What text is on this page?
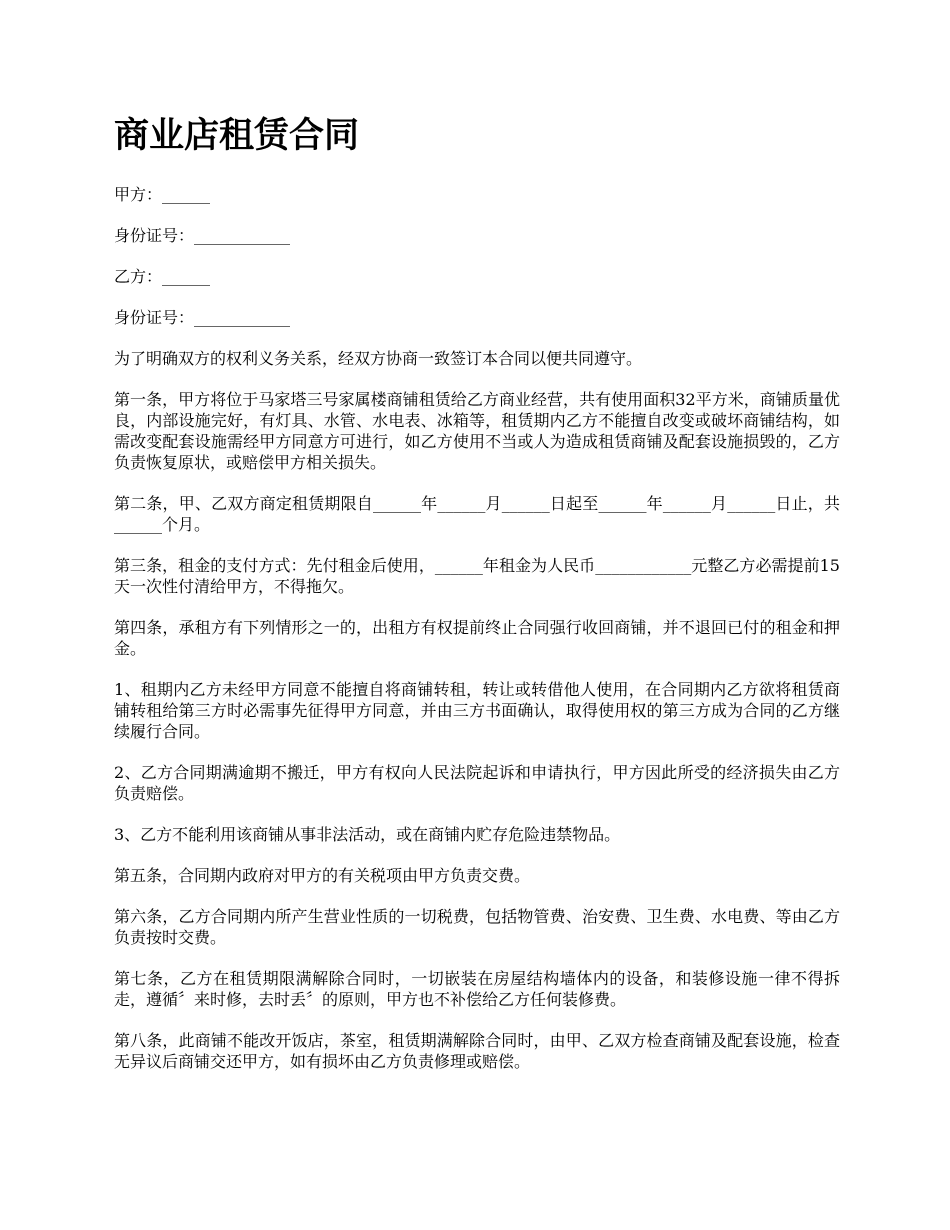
商业店租赁合同

甲方：______

身份证号：____________

乙方：______

身份证号：____________

为了明确双方的权利义务关系，经双方协商一致签订本合同以便共同遵守。

第一条，甲方将位于马家塔三号家属楼商铺租赁给乙方商业经营，共有使用面积32平方米，商铺质量优良，内部设施完好，有灯具、水管、水电表、冰箱等，租赁期内乙方不能擅自改变或破坏商铺结构，如需改变配套设施需经甲方同意方可进行，如乙方使用不当或人为造成租赁商铺及配套设施损毁的，乙方负责恢复原状，或赔偿甲方相关损失。

第二条，甲、乙双方商定租赁期限自______年______月______日起至______年______月______日止，共______个月。

第三条，租金的支付方式：先付租金后使用，______年租金为人民币____________元整乙方必需提前15天一次性付清给甲方，不得拖欠。

第四条，承租方有下列情形之一的，出租方有权提前终止合同强行收回商铺，并不退回已付的租金和押金。

1、租期内乙方未经甲方同意不能擅自将商铺转租，转让或转借他人使用，在合同期内乙方欲将租赁商铺转租给第三方时必需事先征得甲方同意，并由三方书面确认，取得使用权的第三方成为合同的乙方继续履行合同。

2、乙方合同期满逾期不搬迁，甲方有权向人民法院起诉和申请执行，甲方因此所受的经济损失由乙方负责赔偿。

3、乙方不能利用该商铺从事非法活动，或在商铺内贮存危险违禁物品。

第五条，合同期内政府对甲方的有关税项由甲方负责交费。

第六条，乙方合同期内所产生营业性质的一切税费，包括物管费、治安费、卫生费、水电费、等由乙方负责按时交费。

第七条，乙方在租赁期限满解除合同时，一切嵌装在房屋结构墙体内的设备，和装修设施一律不得拆走，遵循〞来时修，去时丢〞的原则，甲方也不补偿给乙方任何装修费。

第八条，此商铺不能改开饭店，茶室，租赁期满解除合同时，由甲、乙双方检查商铺及配套设施，检查无异议后商铺交还甲方，如有损坏由乙方负责修理或赔偿。
